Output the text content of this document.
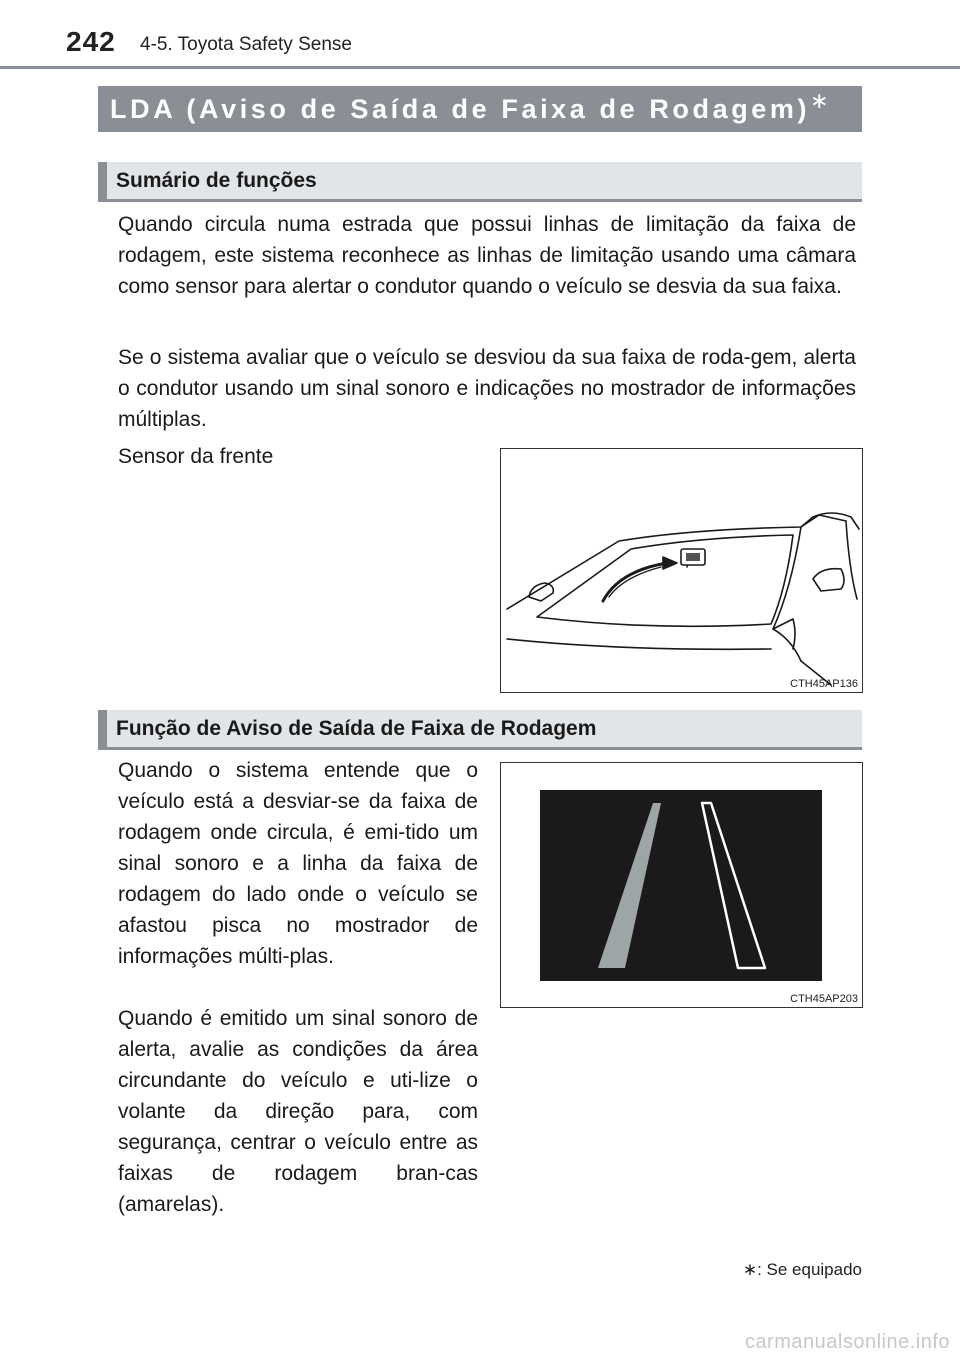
242 4-5. Toyota Safety Sense
LDA (Aviso de Saída de Faixa de Rodagem)∗
Sumário de funções

Quando circula numa estrada que possui linhas de limitação da faixa de rodagem, este sistema reconhece as linhas de limitação usando uma câmara como sensor para alertar o condutor quando o veículo se desvia da sua faixa.

Se o sistema avaliar que o veículo se desviou da sua faixa de roda-gem, alerta o condutor usando um sinal sonoro e indicações no mostrador de informações múltiplas.

Sensor da frente

CTH45AP136
Função de Aviso de Saída de Faixa de Rodagem

Quando o sistema entende que o veículo está a desviar-se da faixa de rodagem onde circula, é emi-tido um sinal sonoro e a linha da faixa de rodagem do lado onde o veículo se afastou pisca no mostrador de informações múlti-plas.

Quando é emitido um sinal sonoro de alerta, avalie as condições da área circundante do veículo e uti-lize o volante da direção para, com segurança, centrar o veículo entre as faixas de rodagem bran-cas (amarelas).

CTH45AP203
∗: Se equipado
carmanualsonline.info
